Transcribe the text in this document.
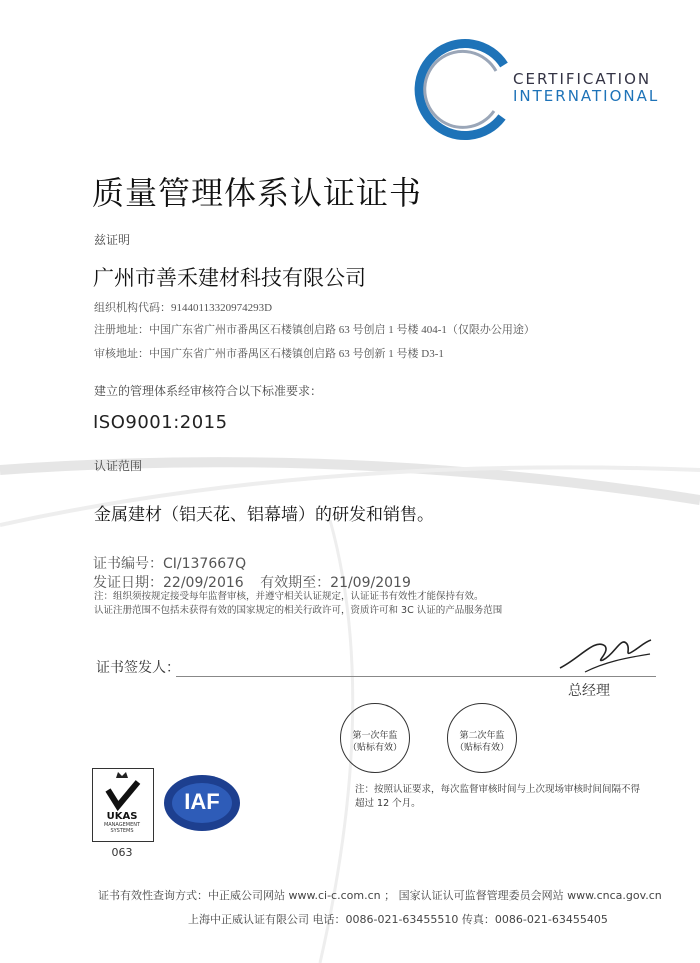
CERTIFICATION
INTERNATIONAL
质量管理体系认证证书
兹证明
广州市善禾建材科技有限公司
组织机构代码：91440113320974293D
注册地址：中国广东省广州市番禺区石楼镇创启路 63 号创启 1 号楼 404-1（仅限办公用途）
审核地址：中国广东省广州市番禺区石楼镇创启路 63 号创新 1 号楼 D3-1
建立的管理体系经审核符合以下标准要求：
ISO9001:2015
认证范围
金属建材（铝天花、铝幕墙）的研发和销售。
证书编号：CI/137667Q
发证日期：22/09/2016 有效期至：21/09/2019
注：组织须按规定接受每年监督审核，并遵守相关认证规定，认证证书有效性才能保持有效。
认证注册范围不包括未获得有效的国家规定的相关行政许可，资质许可和 3C 认证的产品服务范围
证书签发人：
总经理
第一次年监
（贴标有效）
第二次年监
（贴标有效）
注：按照认证要求，每次监督审核时间与上次现场审核时间间隔不得
超过 12 个月。
UKAS
MANAGEMENT
SYSTEMS
063
IAF
证书有效性查询方式：中正威公司网站 www.ci-c.com.cn ； 国家认证认可监督管理委员会网站 www.cnca.gov.cn
上海中正威认证有限公司 电话：0086-021-63455510 传真：0086-021-63455405
